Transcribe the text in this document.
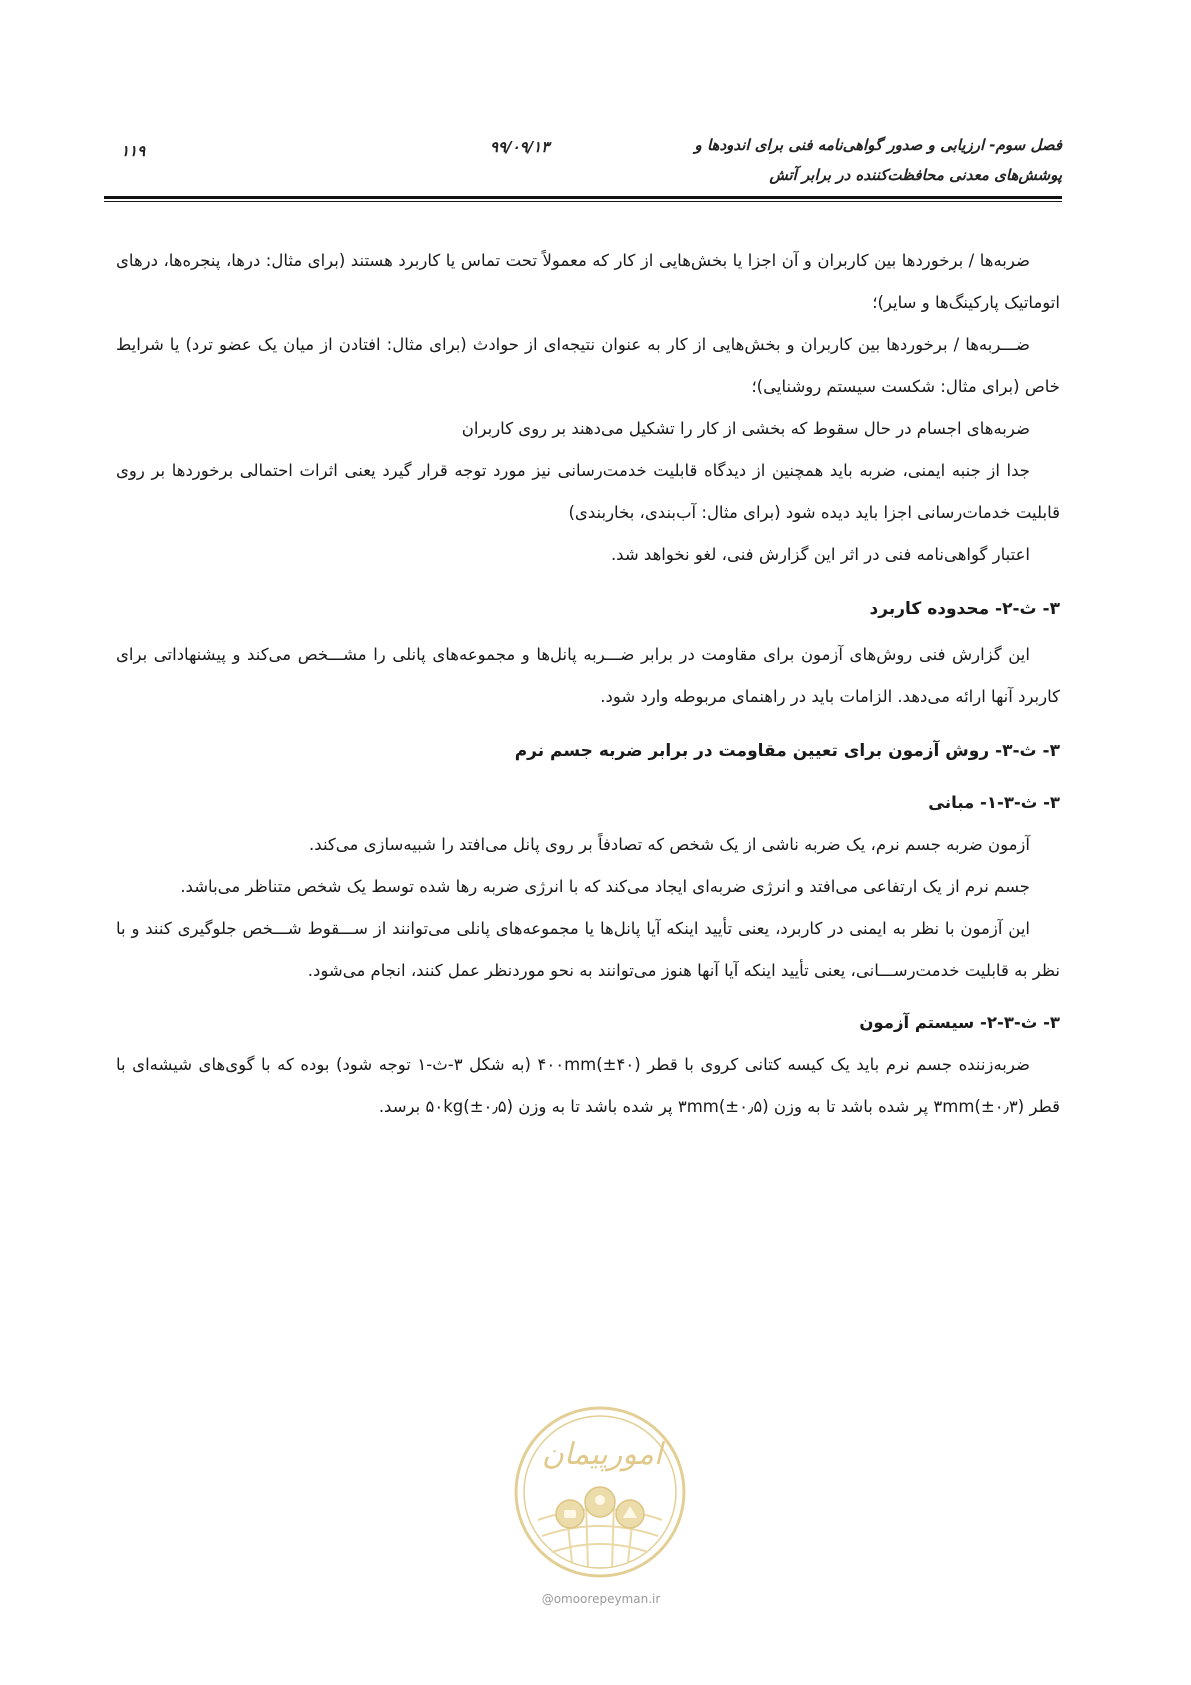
فصل سوم- ارزیابی و صدور گواهی‌نامه فنی برای اندودها و
پوشش‌های معدنی محافظت‌کننده در برابر آتش
۹۹/۰۹/۱۳
۱۱۹

ضربه‌ها / برخوردها بین کاربران و آن اجزا یا بخش‌هایی از کار که معمولاً تحت تماس یا کاربرد هستند (برای مثال: درها، پنجره‌ها، درهای اتوماتیک پارکینگ‌ها و سایر)؛

ضـــربه‌ها / برخوردها بین کاربران و بخش‌هایی از کار به عنوان نتیجه‌ای از حوادث (برای مثال: افتادن از میان یک عضو ترد) یا شرایط خاص (برای مثال: شکست سیستم روشنایی)؛

ضربه‌های اجسام در حال سقوط که بخشی از کار را تشکیل می‌دهند بر روی کاربران

جدا از جنبه ایمنی، ضربه باید همچنین از دیدگاه قابلیت خدمت‌رسانی نیز مورد توجه قرار گیرد یعنی اثرات احتمالی برخوردها بر روی قابلیت خدمات‌رسانی اجزا باید دیده شود (برای مثال: آب‌بندی، بخاربندی)

اعتبار گواهی‌نامه فنی در اثر این گزارش فنی، لغو نخواهد شد.

۳- ث-۲- محدوده کاربرد

این گزارش فنی روش‌های آزمون برای مقاومت در برابر ضـــربه پانل‌ها و مجموعه‌های پانلی را مشـــخص می‌کند و پیشنهاداتی برای کاربرد آنها ارائه می‌دهد. الزامات باید در راهنمای مربوطه وارد شود.

۳- ث-۳- روش آزمون برای تعیین مقاومت در برابر ضربه جسم نرم

۳- ث-۳-۱- مبانی

آزمون ضربه جسم نرم، یک ضربه ناشی از یک شخص که تصادفاً بر روی پانل می‌افتد را شبیه‌سازی می‌کند.

جسم نرم از یک ارتفاعی می‌افتد و انرژی ضربه‌ای ایجاد می‌کند که با انرژی ضربه رها شده توسط یک شخص متناظر می‌باشد.

این آزمون با نظر به ایمنی در کاربرد، یعنی تأیید اینکه آیا پانل‌ها یا مجموعه‌های پانلی می‌توانند از ســـقوط شـــخص جلوگیری کنند و با نظر به قابلیت خدمت‌رســـانی، یعنی تأیید اینکه آیا آنها هنوز می‌توانند به نحو موردنظر عمل کنند، انجام می‌شود.

۳- ث-۳-۲- سیستم آزمون

ضربه‌زننده جسم نرم باید یک کیسه کتانی کروی با قطر (۴۰±)۴۰۰mm (به شکل ۳-ث-۱ توجه شود) بوده که با گوی‌های شیشه‌ای با قطر (۰٫۳±)۳mm پر شده باشد تا به وزن (۰٫۵±)۳mm پر شده باشد تا به وزن (۰٫۵±)۵۰kg برسد.

امورپیمان
@omoorepeyman.ir
